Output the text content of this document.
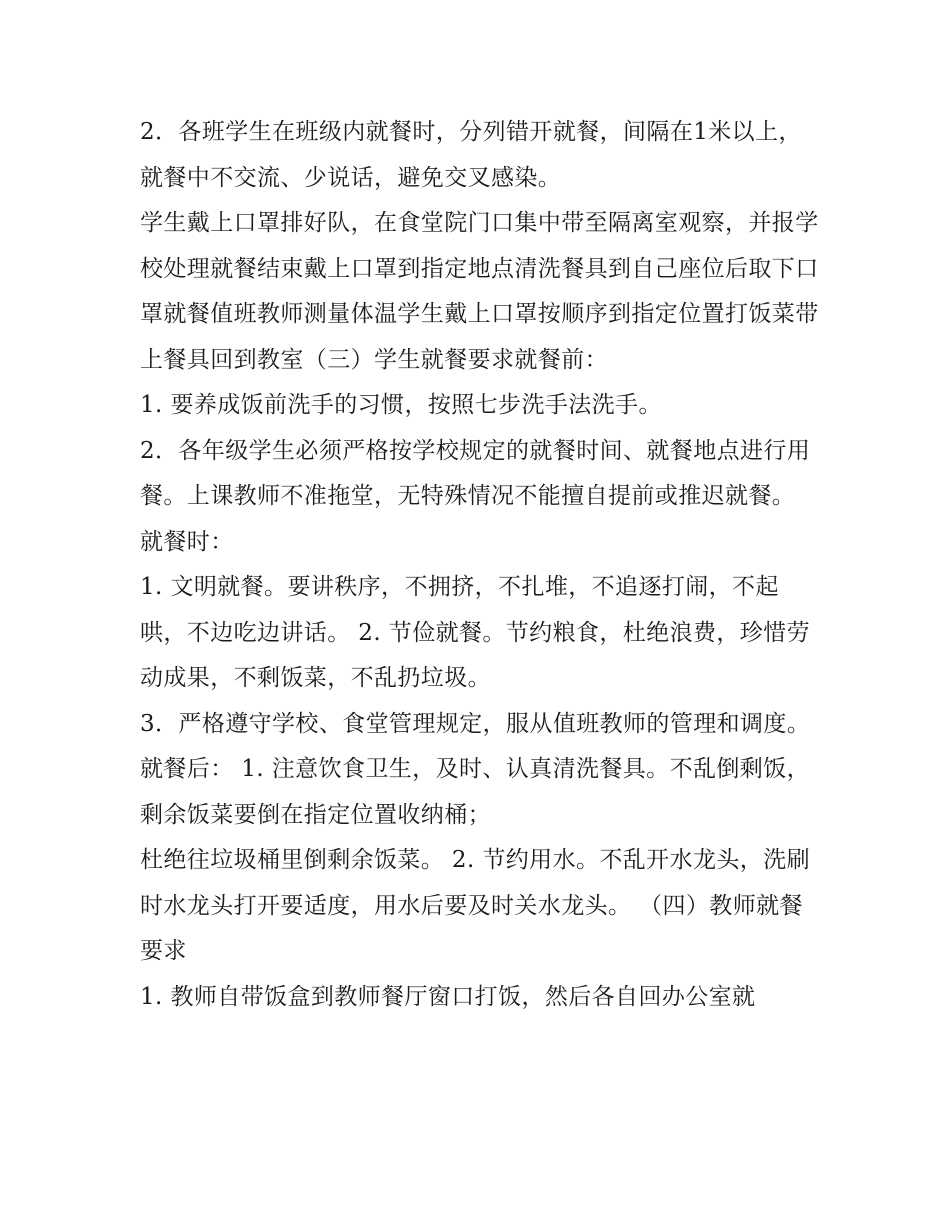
2．各班学生在班级内就餐时，分列错开就餐，间隔在1米以上，就餐中不交流、少说话，避免交叉感染。

学生戴上口罩排好队，在食堂院门口集中带至隔离室观察，并报学校处理就餐结束戴上口罩到指定地点清洗餐具到自己座位后取下口罩就餐值班教师测量体温学生戴上口罩按顺序到指定位置打饭菜带上餐具回到教室（三）学生就餐要求就餐前：

1. 要养成饭前洗手的习惯，按照七步洗手法洗手。

2．各年级学生必须严格按学校规定的就餐时间、就餐地点进行用餐。上课教师不准拖堂，无特殊情况不能擅自提前或推迟就餐。 就餐时：

1. 文明就餐。要讲秩序，不拥挤，不扎堆，不追逐打闹，不起哄，不边吃边讲话。 2. 节俭就餐。节约粮食，杜绝浪费，珍惜劳动成果，不剩饭菜，不乱扔垃圾。

3．严格遵守学校、食堂管理规定，服从值班教师的管理和调度。 就餐后： 1. 注意饮食卫生，及时、认真清洗餐具。不乱倒剩饭，剩余饭菜要倒在指定位置收纳桶；

杜绝往垃圾桶里倒剩余饭菜。 2. 节约用水。不乱开水龙头，洗刷时水龙头打开要适度，用水后要及时关水龙头。 （四）教师就餐要求

1. 教师自带饭盒到教师餐厅窗口打饭，然后各自回办公室就
